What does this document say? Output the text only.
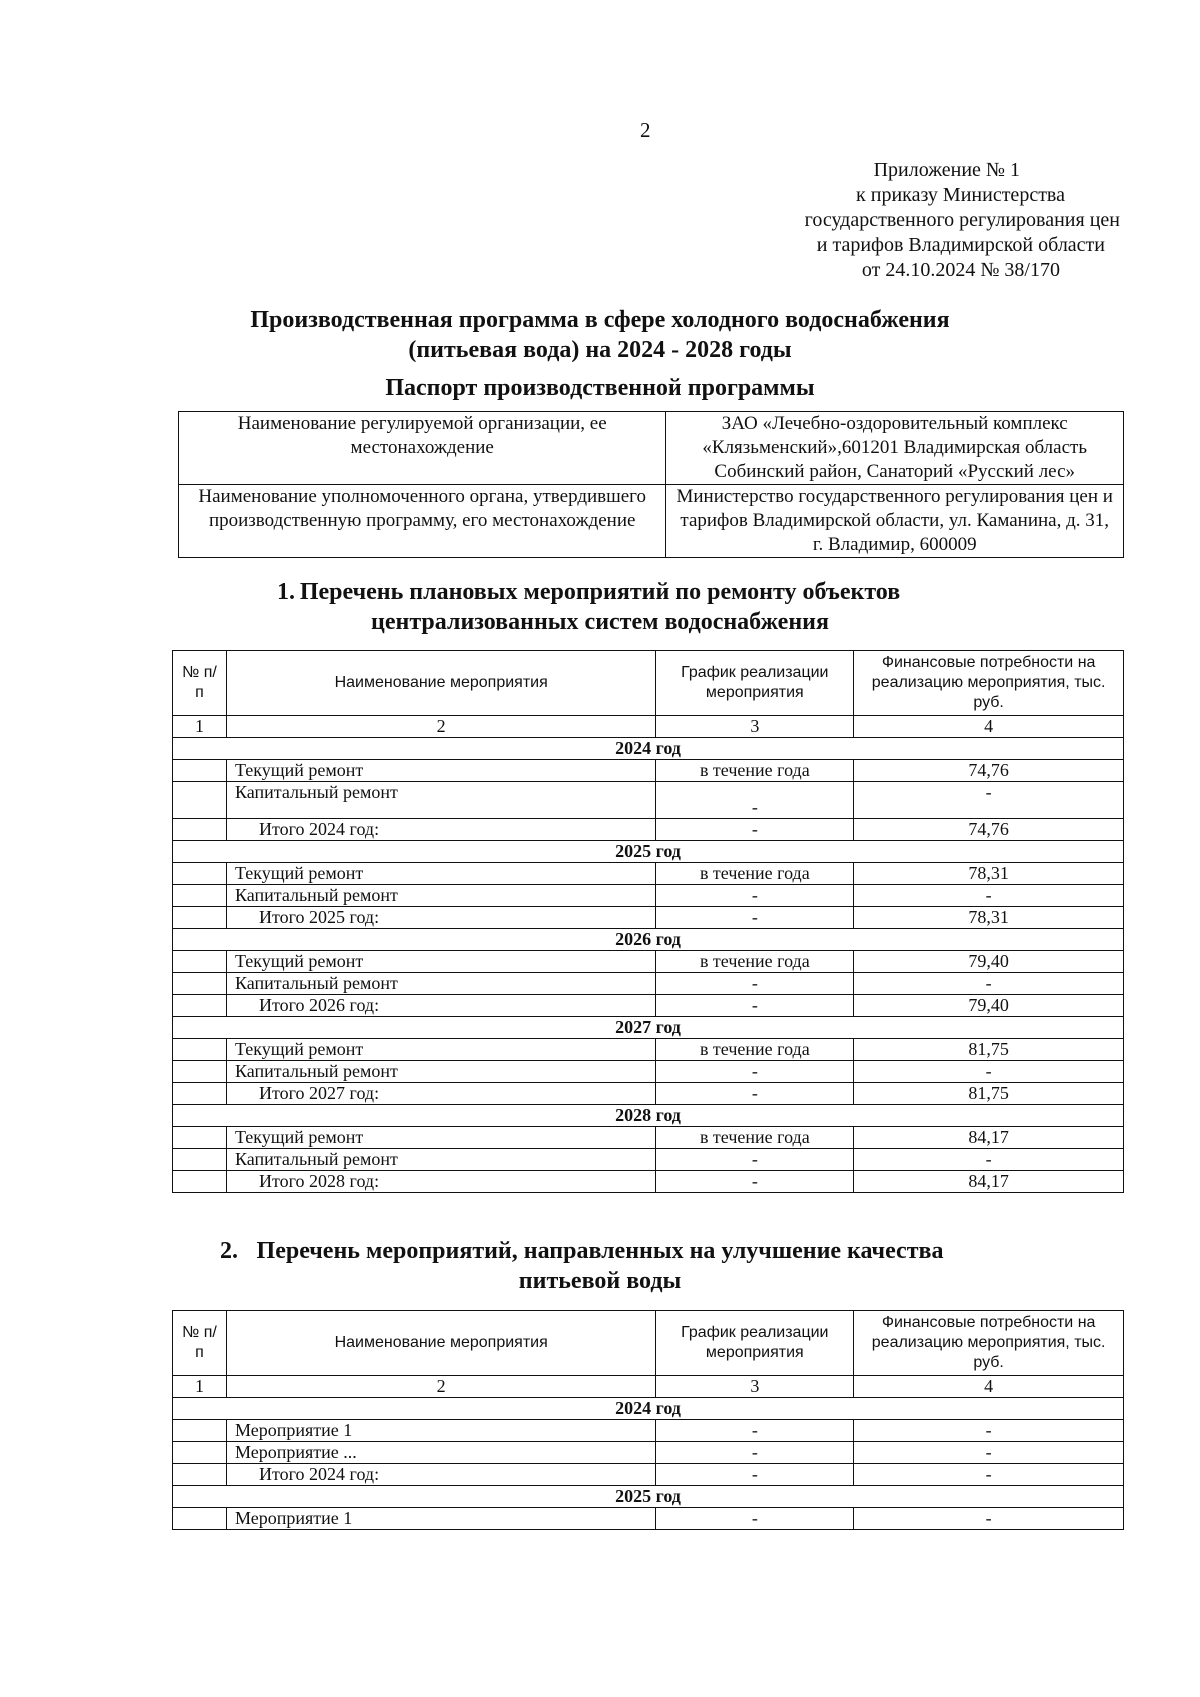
2
Приложение № 1
к приказу Министерства
государственного регулирования цен
и тарифов Владимирской области
от 24.10.2024 № 38/170
Производственная программа в сфере холодного водоснабжения
(питьевая вода) на 2024 - 2028 годы
Паспорт производственной программы
Наименование регулируемой организации, ее местонахождение	ЗАО «Лечебно-оздоровительный комплекс «Клязьменский»,601201 Владимирская область Собинский район, Санаторий «Русский лес»
Наименование уполномоченного органа, утвердившего производственную программу, его местонахождение	Министерство государственного регулирования цен и тарифов Владимирской области, ул. Каманина, д. 31, г. Владимир, 600009
1. Перечень плановых мероприятий по ремонту объектов
централизованных систем водоснабжения
№ п/п	Наименование мероприятия	График реализации мероприятия	Финансовые потребности на реализацию мероприятия, тыс. руб.
1	2	3	4
2024 год			
	Текущий ремонт	в течение года	74,76
	Капитальный ремонт	-	-
	Итого 2024 год:	-	74,76
2025 год			
	Текущий ремонт	в течение года	78,31
	Капитальный ремонт	-	-
	Итого 2025 год:	-	78,31
2026 год			
	Текущий ремонт	в течение года	79,40
	Капитальный ремонт	-	-
	Итого 2026 год:	-	79,40
2027 год			
	Текущий ремонт	в течение года	81,75
	Капитальный ремонт	-	-
	Итого 2027 год:	-	81,75
2028 год			
	Текущий ремонт	в течение года	84,17
	Капитальный ремонт	-	-
	Итого 2028 год:	-	84,17
2. Перечень мероприятий, направленных на улучшение качества
питьевой воды
№ п/п	Наименование мероприятия	График реализации мероприятия	Финансовые потребности на реализацию мероприятия, тыс. руб.
1	2	3	4
2024 год			
	Мероприятие 1	-	-
	Мероприятие ...	-	-
	Итого 2024 год:	-	-
2025 год			
	Мероприятие 1	-	-
